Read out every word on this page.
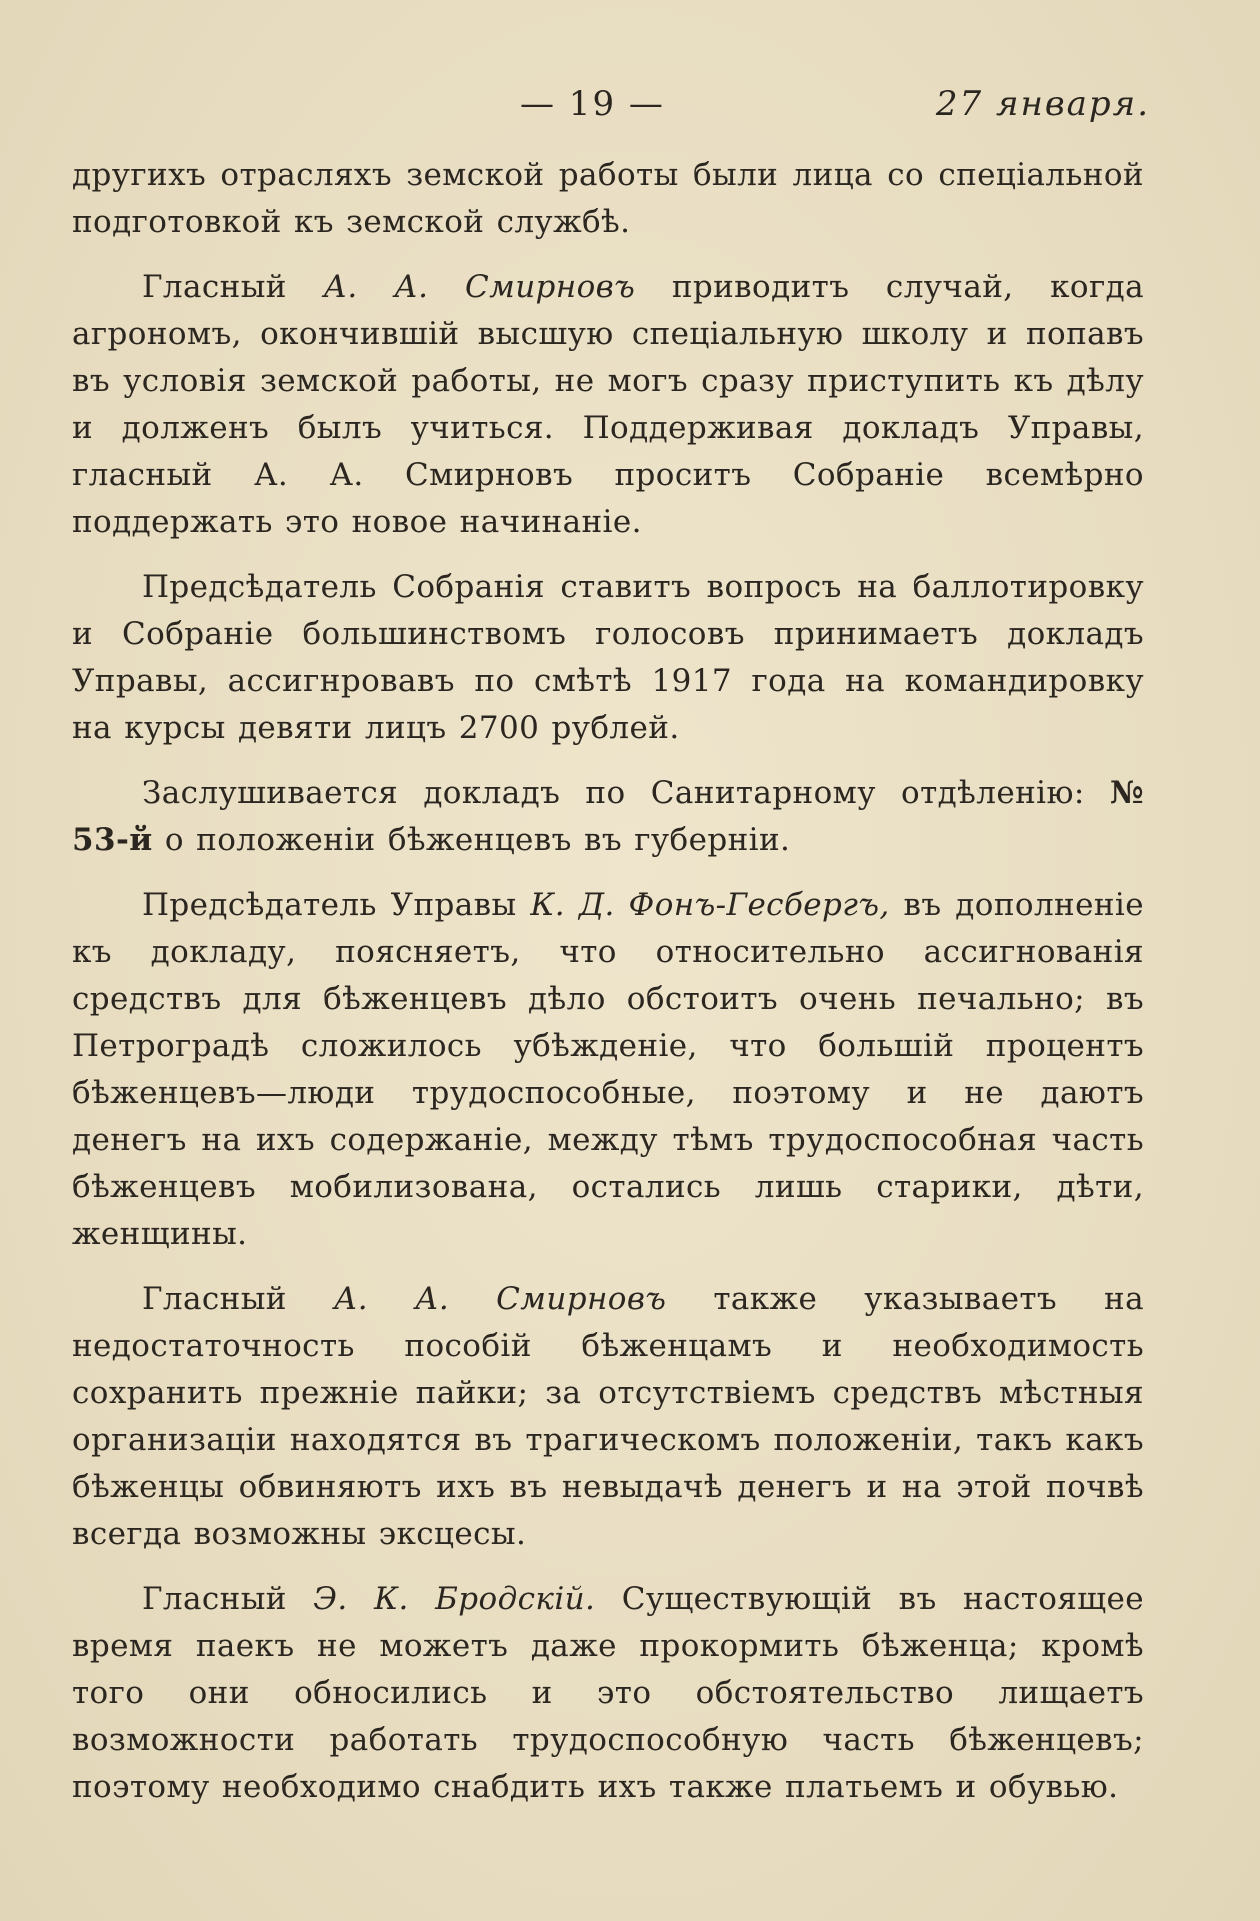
— 19 —	27 января.

другихъ отрасляхъ земской работы были лица со спеціальной подготовкой къ земской службѣ.

Гласный А. А. Смирновъ приводитъ случай, когда агрономъ, окончившій высшую спеціальную школу и попавъ въ условія земской работы, не могъ сразу приступить къ дѣлу и долженъ былъ учиться. Поддерживая докладъ Управы, гласный А. А. Смирновъ проситъ Собраніе всемѣрно поддержать это новое начинаніе.

Предсѣдатель Собранія ставитъ вопросъ на баллотировку и Собраніе большинствомъ голосовъ принимаетъ докладъ Управы, ассигнровавъ по смѣтѣ 1917 года на командировку на курсы девяти лицъ 2700 рублей.

Заслушивается докладъ по Санитарному отдѣленію: № 53-й о положеніи бѣженцевъ въ губерніи.

Предсѣдатель Управы К. Д. Фонъ-Гесбергъ, въ дополненіе къ докладу, поясняетъ, что относительно ассигнованія средствъ для бѣженцевъ дѣло обстоитъ очень печально; въ Петроградѣ сложилось убѣжденіе, что большій процентъ бѣженцевъ—люди трудоспособные, поэтому и не даютъ денегъ на ихъ содержаніе, между тѣмъ трудоспособная часть бѣженцевъ мобилизована, остались лишь старики, дѣти, женщины.

Гласный А. А. Смирновъ также указываетъ на недостаточность пособій бѣженцамъ и необходимость сохранить прежніе пайки; за отсутствіемъ средствъ мѣстныя организаціи находятся въ трагическомъ положеніи, такъ какъ бѣженцы обвиняютъ ихъ въ невыдачѣ денегъ и на этой почвѣ всегда возможны эксцесы.

Гласный Э. К. Бродскій. Существующій въ настоящее время паекъ не можетъ даже прокормить бѣженца; кромѣ того они обносились и это обстоятельство лищаетъ возможности работать трудоспособную часть бѣженцевъ; поэтому необходимо снабдить ихъ также платьемъ и обувью.
